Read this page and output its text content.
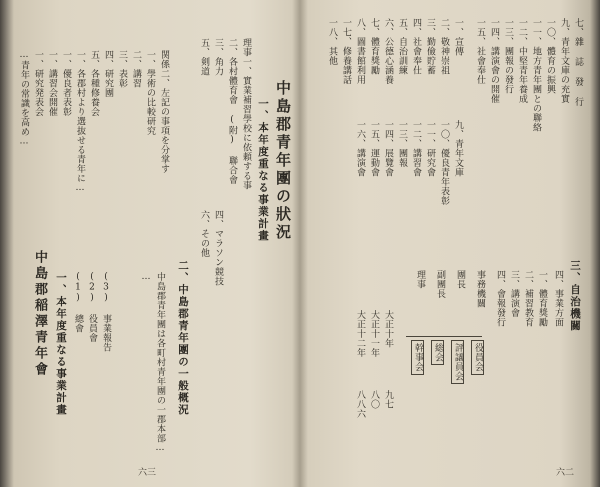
…青年の常識を高め… 一、研究発表会 一、講習会開催 一、優良者表彰 一、各郡村より選抜せる青年に… 五、各種修養会 四、研究團 三、表彰 二、講習 一、學術の比較研究 関係二、左記の事項を分掌す	中島郡青年團の狀況
一、本年度重なる事業計畫
理事一、實業補習學校に依頼する事
二、各村體育會 (附) 聯合會
三、角力
四、マラソン競技
五、剣道
六、その他
二、中島郡青年團の一般概況
中島郡稲澤青年會 一、本年度重なる事業計畫 (1) 總會 (2) 役員會 (3) 事業報告	中島郡青年團は各町村青年團の一郡本部…
…
六三
七、雜 誌 發 行
九、青年文庫の充實
一〇、體育の振興
一一、地方青年團との聯絡
一二、中堅青年養成
一三、團報の發行
一四、講演會の開催
一五、社會奉仕
一、宣傳
二、敬神崇祖
三、勤儉貯蓄
四、社會奉仕
五、自治訓練
六、公德心涵養
七、體育獎勵
八、圖書館利用
九、青年文庫
一〇、優良青年表彰
一一、研究會
一二、講習會
一三、團報
一四、展覽會
一五、運動會
一六、講演會
一七、修養講話
一八、其他
三、自治機關
四、事業方面
一、體育獎勵
二、補習教育
三、講演會
四、會報發行
役員会
評議員会
総会
幹事会
事務機關
團長
副團長
理事
大正十年
大正十一年
大正十二年
九七
八〇
八八六
六二
